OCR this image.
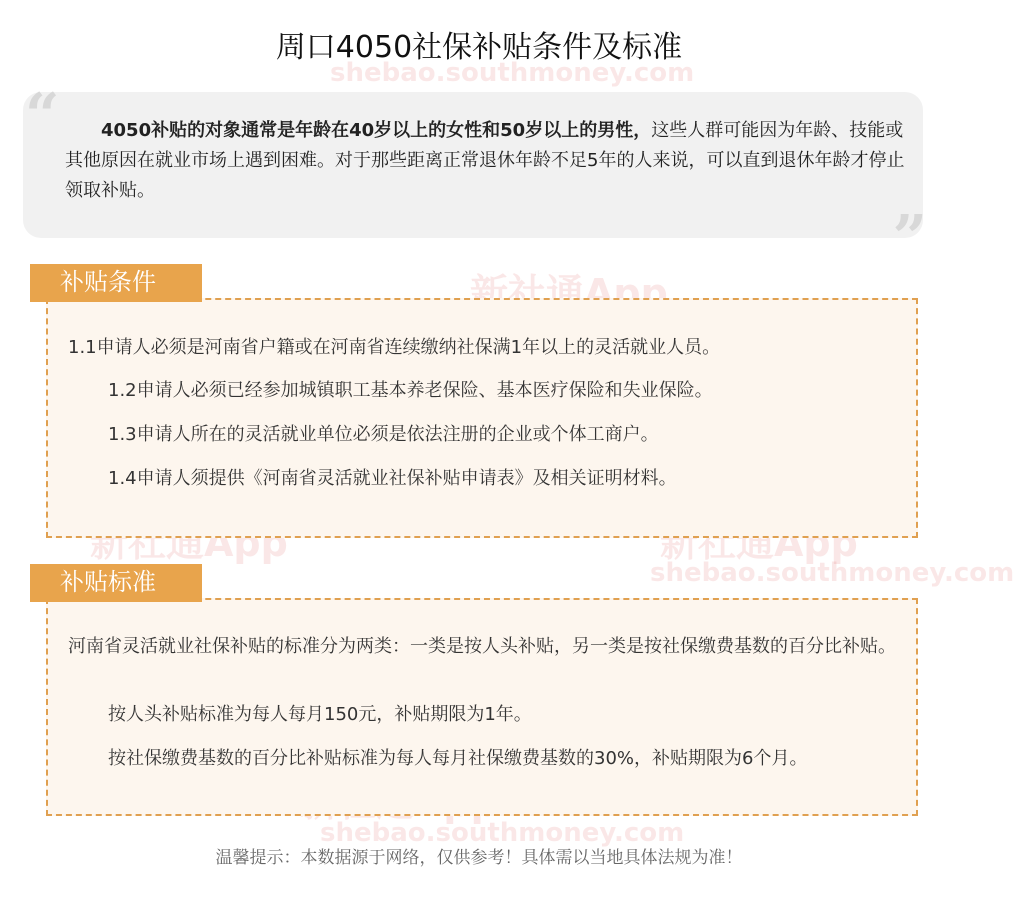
新社通App
新社通App
shebao.southmoney.com
shebao.southmoney.com
新社通App
shebao.southmoney.com
周口4050社保补贴条件及标准
“
”
4050补贴的对象通常是年龄在40岁以上的女性和50岁以上的男性，这些人群可能因为年龄、技能或其他原因在就业市场上遇到困难。对于那些距离正常退休年龄不足5年的人来说，可以直到退休年龄才停止领取补贴。

1.1申请人必须是河南省户籍或在河南省连续缴纳社保满1年以上的灵活就业人员。

1.2申请人必须已经参加城镇职工基本养老保险、基本医疗保险和失业保险。

1.3申请人所在的灵活就业单位必须是依法注册的企业或个体工商户。

1.4申请人须提供《河南省灵活就业社保补贴申请表》及相关证明材料。

补贴条件

河南省灵活就业社保补贴的标准分为两类：一类是按人头补贴，另一类是按社保缴费基数的百分比补贴。

按人头补贴标准为每人每月150元，补贴期限为1年。

按社保缴费基数的百分比补贴标准为每人每月社保缴费基数的30%，补贴期限为6个月。

补贴标准
温馨提示：本数据源于网络，仅供参考！具体需以当地具体法规为准！
